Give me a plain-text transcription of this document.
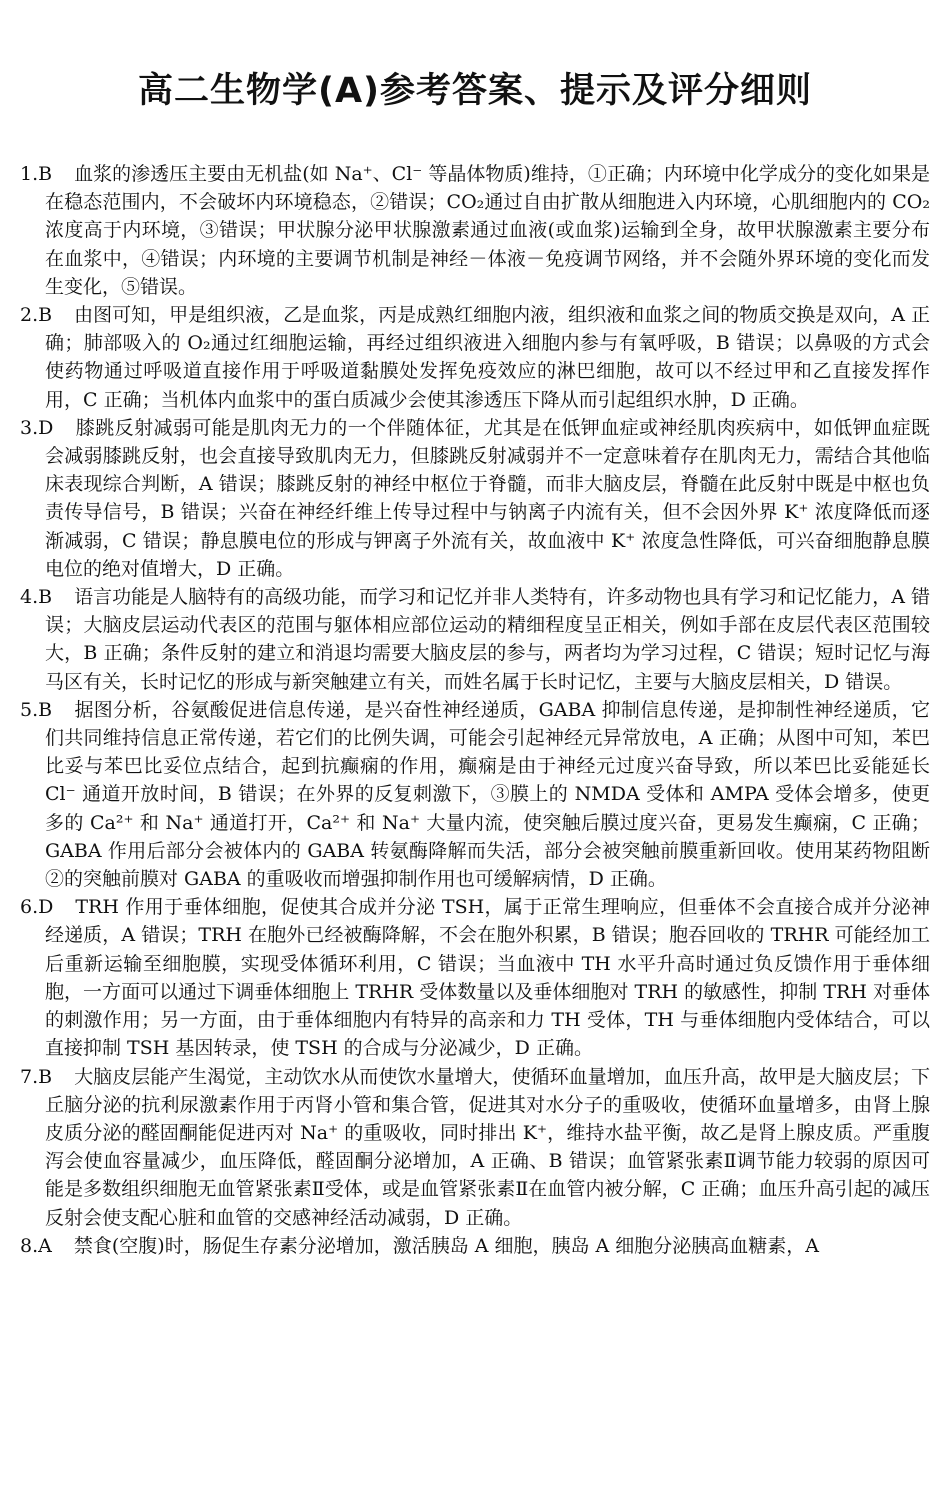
高二生物学(A)参考答案、提示及评分细则
1.B 血浆的渗透压主要由无机盐(如 Na⁺、Cl⁻ 等晶体物质)维持，①正确；内环境中化学成分的变化如果是在稳态范围内，不会破坏内环境稳态，②错误；CO₂通过自由扩散从细胞进入内环境，心肌细胞内的 CO₂浓度高于内环境，③错误；甲状腺分泌甲状腺激素通过血液(或血浆)运输到全身，故甲状腺激素主要分布在血浆中，④错误；内环境的主要调节机制是神经－体液－免疫调节网络，并不会随外界环境的变化而发生变化，⑤错误。
2.B 由图可知，甲是组织液，乙是血浆，丙是成熟红细胞内液，组织液和血浆之间的物质交换是双向，A 正确；肺部吸入的 O₂通过红细胞运输，再经过组织液进入细胞内参与有氧呼吸，B 错误；以鼻吸的方式会使药物通过呼吸道直接作用于呼吸道黏膜处发挥免疫效应的淋巴细胞，故可以不经过甲和乙直接发挥作用，C 正确；当机体内血浆中的蛋白质减少会使其渗透压下降从而引起组织水肿，D 正确。
3.D 膝跳反射减弱可能是肌肉无力的一个伴随体征，尤其是在低钾血症或神经肌肉疾病中，如低钾血症既会减弱膝跳反射，也会直接导致肌肉无力，但膝跳反射减弱并不一定意味着存在肌肉无力，需结合其他临床表现综合判断，A 错误；膝跳反射的神经中枢位于脊髓，而非大脑皮层，脊髓在此反射中既是中枢也负责传导信号，B 错误；兴奋在神经纤维上传导过程中与钠离子内流有关，但不会因外界 K⁺ 浓度降低而逐渐减弱，C 错误；静息膜电位的形成与钾离子外流有关，故血液中 K⁺ 浓度急性降低，可兴奋细胞静息膜电位的绝对值增大，D 正确。
4.B 语言功能是人脑特有的高级功能，而学习和记忆并非人类特有，许多动物也具有学习和记忆能力，A 错误；大脑皮层运动代表区的范围与躯体相应部位运动的精细程度呈正相关，例如手部在皮层代表区范围较大，B 正确；条件反射的建立和消退均需要大脑皮层的参与，两者均为学习过程，C 错误；短时记忆与海马区有关，长时记忆的形成与新突触建立有关，而姓名属于长时记忆，主要与大脑皮层相关，D 错误。
5.B 据图分析，谷氨酸促进信息传递，是兴奋性神经递质，GABA 抑制信息传递，是抑制性神经递质，它们共同维持信息正常传递，若它们的比例失调，可能会引起神经元异常放电，A 正确；从图中可知，苯巴比妥与苯巴比妥位点结合，起到抗癫痫的作用，癫痫是由于神经元过度兴奋导致，所以苯巴比妥能延长 Cl⁻ 通道开放时间，B 错误；在外界的反复刺激下，③膜上的 NMDA 受体和 AMPA 受体会增多，使更多的 Ca²⁺ 和 Na⁺ 通道打开，Ca²⁺ 和 Na⁺ 大量内流，使突触后膜过度兴奋，更易发生癫痫，C 正确；GABA 作用后部分会被体内的 GABA 转氨酶降解而失活，部分会被突触前膜重新回收。使用某药物阻断②的突触前膜对 GABA 的重吸收而增强抑制作用也可缓解病情，D 正确。
6.D TRH 作用于垂体细胞，促使其合成并分泌 TSH，属于正常生理响应，但垂体不会直接合成并分泌神经递质，A 错误；TRH 在胞外已经被酶降解，不会在胞外积累，B 错误；胞吞回收的 TRHR 可能经加工后重新运输至细胞膜，实现受体循环利用，C 错误；当血液中 TH 水平升高时通过负反馈作用于垂体细胞，一方面可以通过下调垂体细胞上 TRHR 受体数量以及垂体细胞对 TRH 的敏感性，抑制 TRH 对垂体的刺激作用；另一方面，由于垂体细胞内有特异的高亲和力 TH 受体，TH 与垂体细胞内受体结合，可以直接抑制 TSH 基因转录，使 TSH 的合成与分泌减少，D 正确。
7.B 大脑皮层能产生渴觉，主动饮水从而使饮水量增大，使循环血量增加，血压升高，故甲是大脑皮层；下丘脑分泌的抗利尿激素作用于丙肾小管和集合管，促进其对水分子的重吸收，使循环血量增多，由肾上腺皮质分泌的醛固酮能促进丙对 Na⁺ 的重吸收，同时排出 K⁺，维持水盐平衡，故乙是肾上腺皮质。严重腹泻会使血容量减少，血压降低，醛固酮分泌增加，A 正确、B 错误；血管紧张素Ⅱ调节能力较弱的原因可能是多数组织细胞无血管紧张素Ⅱ受体，或是血管紧张素Ⅱ在血管内被分解，C 正确；血压升高引起的减压反射会使支配心脏和血管的交感神经活动减弱，D 正确。
8.A 禁食(空腹)时，肠促生存素分泌增加，激活胰岛 A 细胞，胰岛 A 细胞分泌胰高血糖素，A
